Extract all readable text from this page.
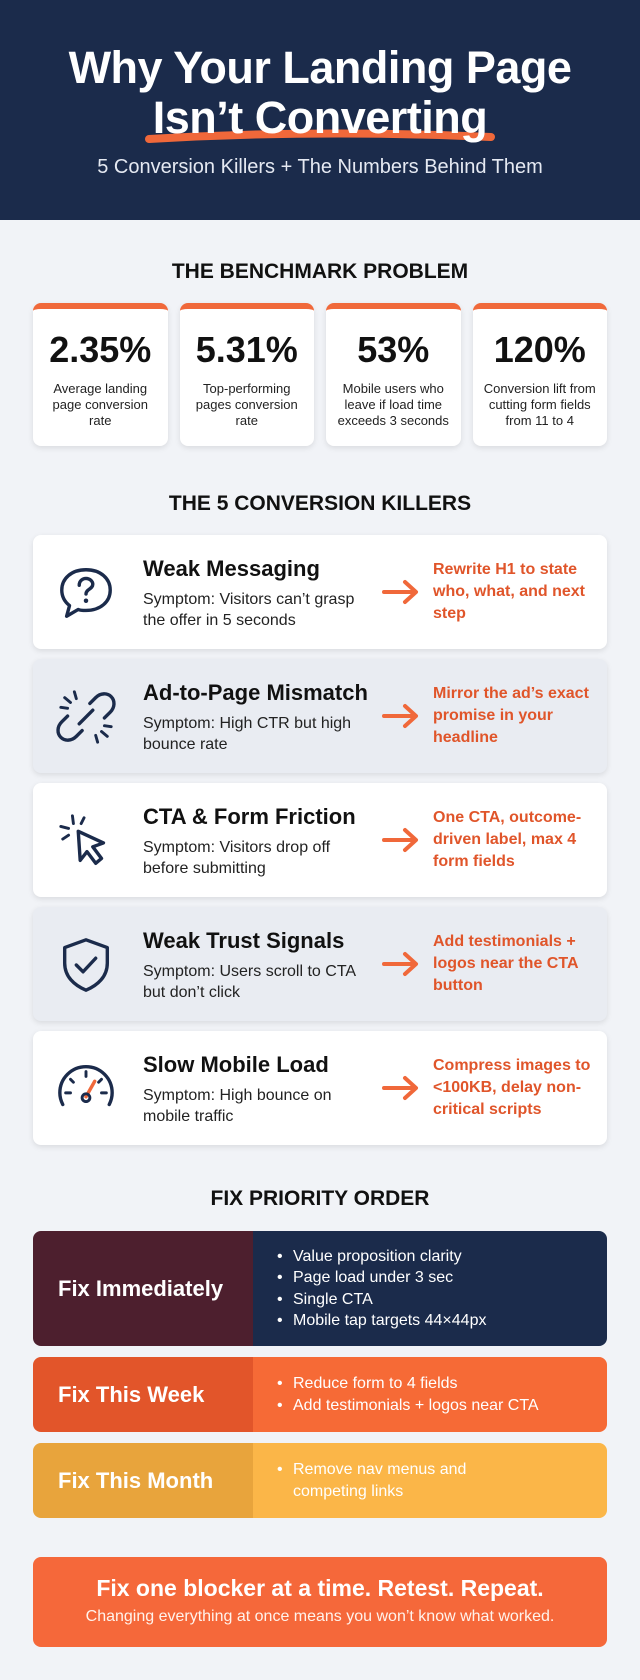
Why Your Landing Page
Isn’t Converting
5 Conversion Killers + The Numbers Behind Them
THE BENCHMARK PROBLEM
2.35%
Average landing page conversion rate
5.31%
Top-performing pages conversion rate
53%
Mobile users who leave if load time exceeds 3 seconds
120%
Conversion lift from cutting form fields from 11 to 4
THE 5 CONVERSION KILLERS
Weak Messaging
Symptom: Visitors can’t grasp the offer in 5 seconds
Rewrite H1 to state who, what, and next step
Ad-to-Page Mismatch
Symptom: High CTR but high bounce rate
Mirror the ad’s exact promise in your headline
CTA & Form Friction
Symptom: Visitors drop off before submitting
One CTA, outcome-driven label, max 4 form fields
Weak Trust Signals
Symptom: Users scroll to CTA but don’t click
Add testimonials + logos near the CTA button
Slow Mobile Load
Symptom: High bounce on mobile traffic
Compress images to <100KB, delay non-critical scripts
FIX PRIORITY ORDER
Fix Immediately
• Value proposition clarity
• Page load under 3 sec
• Single CTA
• Mobile tap targets 44×44px
Fix This Week	• Reduce form to 4 fields
• Add testimonials + logos near CTA
Fix This Month	• Remove nav menus and competing links
Fix one blocker at a time. Retest. Repeat.
Changing everything at once means you won’t know what worked.
